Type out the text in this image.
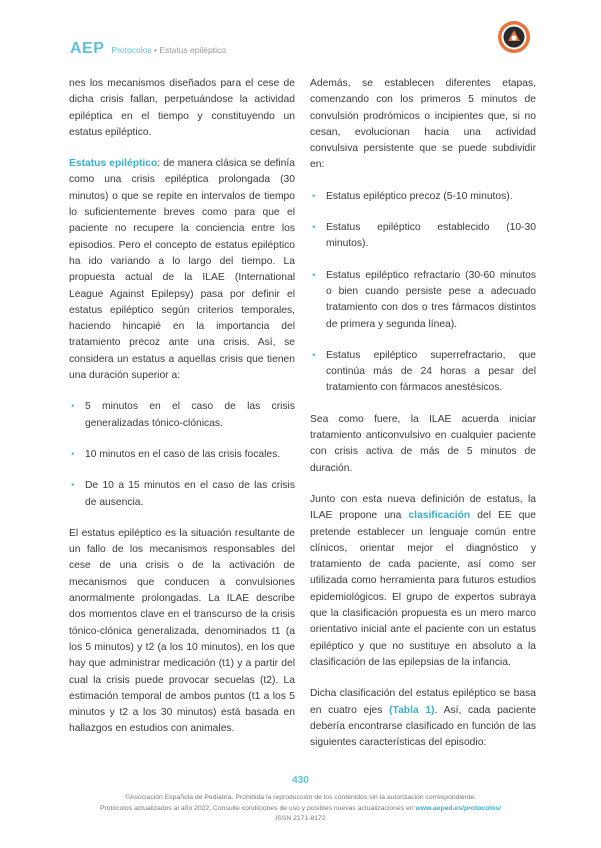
AEP Protocolos • Estatus epiléptico

nes los mecanismos diseñados para el cese de dicha crisis fallan, perpetuándose la actividad epiléptica en el tiempo y constituyendo un estatus epiléptico.

Estatus epiléptico: de manera clásica se definía como una crisis epiléptica prolongada (30 minutos) o que se repite en intervalos de tiempo lo suficientemente breves como para que el paciente no recupere la conciencia entre los episodios. Pero el concepto de estatus epiléptico ha ido variando a lo largo del tiempo. La propuesta actual de la ILAE (International League Against Epilepsy) pasa por definir el estatus epiléptico según criterios temporales, haciendo hincapié en la importancia del tratamiento precoz ante una crisis. Así, se considera un estatus a aquellas crisis que tienen una duración superior a:

• 5 minutos en el caso de las crisis generalizadas tónico-clónicas.
• 10 minutos en el caso de las crisis focales.
• De 10 a 15 minutos en el caso de las crisis de ausencia.

El estatus epiléptico es la situación resultante de un fallo de los mecanismos responsables del cese de una crisis o de la activación de mecanismos que conducen a convulsiones anormalmente prolongadas. La ILAE describe dos momentos clave en el transcurso de la crisis tónico-clónica generalizada, denominados t1 (a los 5 minutos) y t2 (a los 10 minutos), en los que hay que administrar medicación (t1) y a partir del cual la crisis puede provocar secuelas (t2). La estimación temporal de ambos puntos (t1 a los 5 minutos y t2 a los 30 minutos) está basada en hallazgos en estudios con animales.

Además, se establecen diferentes etapas, comenzando con los primeros 5 minutos de convulsión prodrómicos o incipientes que, si no cesan, evolucionan hacia una actividad convulsiva persistente que se puede subdividir en:

• Estatus epiléptico precoz (5-10 minutos).
• Estatus epiléptico establecido (10-30 minutos).
• Estatus epiléptico refractario (30-60 minutos o bien cuando persiste pese a adecuado tratamiento con dos o tres fármacos distintos de primera y segunda línea).
• Estatus epiléptico superrefractario, que continúa más de 24 horas a pesar del tratamiento con fármacos anestésicos.

Sea como fuere, la ILAE acuerda iniciar tratamiento anticonvulsivo en cualquier paciente con crisis activa de más de 5 minutos de duración.

Junto con esta nueva definición de estatus, la ILAE propone una clasificación del EE que pretende establecer un lenguaje común entre clínicos, orientar mejor el diagnóstico y tratamiento de cada paciente, así como ser utilizada como herramienta para futuros estudios epidemiológicos. El grupo de expertos subraya que la clasificación propuesta es un mero marco orientativo inicial ante el paciente con un estatus epiléptico y que no sustituye en absoluto a la clasificación de las epilepsias de la infancia.

Dicha clasificación del estatus epiléptico se basa en cuatro ejes (Tabla 1). Así, cada paciente debería encontrarse clasificado en función de las siguientes características del episodio:

430
©Asociación Española de Pediatría. Prohibida la reproducción de los contenidos sin la autorización correspondiente.
Protocolos actualizados al año 2022. Consulte condiciones de uso y posibles nuevas actualizaciones en www.aeped.es/protocolos/
ISSN 2171-8172
